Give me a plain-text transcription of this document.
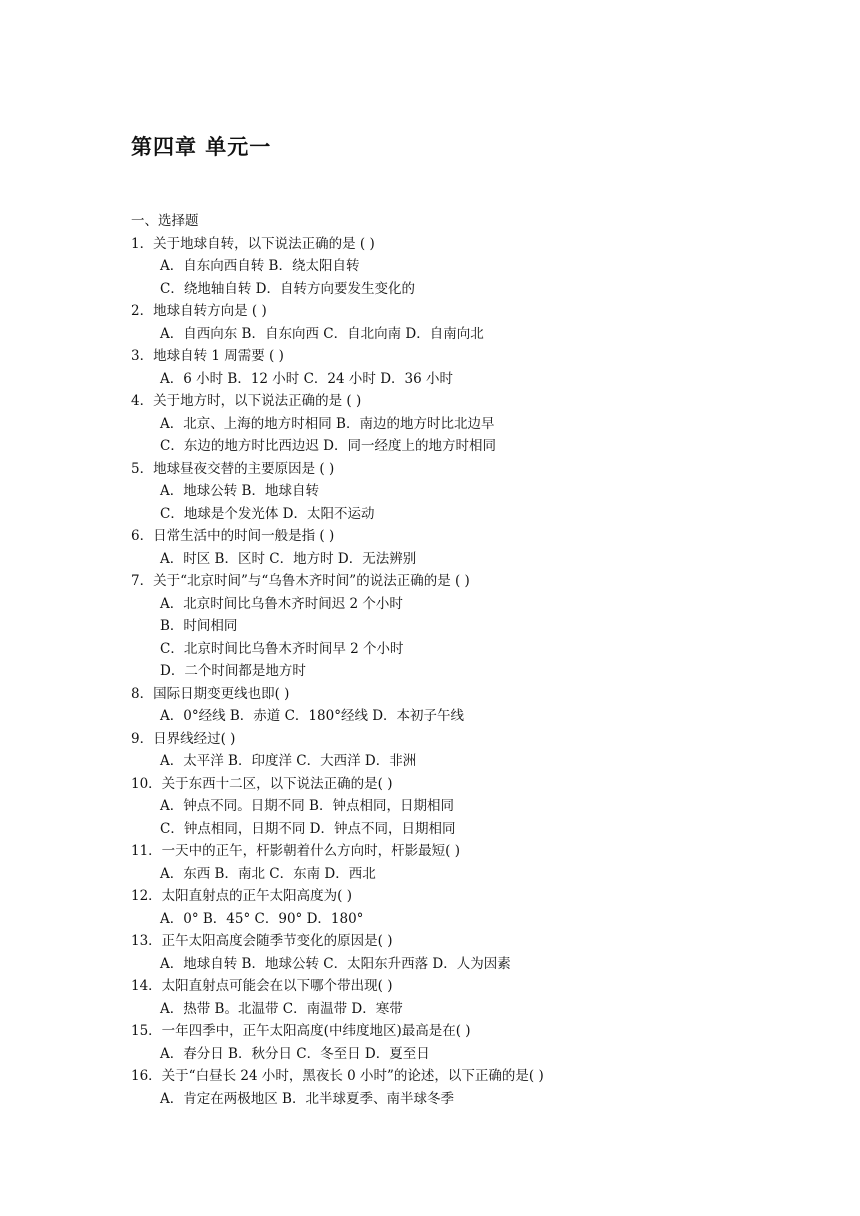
第四章 单元一
一、选择题
1．关于地球自转，以下说法正确的是 ( )
A．自东向西自转 B．绕太阳自转
C．绕地轴自转 D．自转方向要发生变化的
2．地球自转方向是 ( )
A．自西向东 B．自东向西 C．自北向南 D．自南向北
3．地球自转 1 周需要 ( )
A．6 小时 B．12 小时 C．24 小时 D．36 小时
4．关于地方时，以下说法正确的是 ( )
A．北京、上海的地方时相同 B．南边的地方时比北边早
C．东边的地方时比西边迟 D．同一经度上的地方时相同
5．地球昼夜交替的主要原因是 ( )
A．地球公转 B．地球自转
C．地球是个发光体 D．太阳不运动
6．日常生活中的时间一般是指 ( )
A．时区 B．区时 C．地方时 D．无法辨别
7．关于“北京时间”与“乌鲁木齐时间”的说法正确的是 ( )
A．北京时间比乌鲁木齐时间迟 2 个小时
B．时间相同
C．北京时间比乌鲁木齐时间早 2 个小时
D．二个时间都是地方时
8．国际日期变更线也即( )
A．0°经线 B．赤道 C．180°经线 D．本初子午线
9．日界线经过( )
A．太平洋 B．印度洋 C．大西洋 D．非洲
10．关于东西十二区，以下说法正确的是( )
A．钟点不同。日期不同 B．钟点相同，日期相同
C．钟点相同，日期不同 D．钟点不同，日期相同
11．一天中的正午，杆影朝着什么方向时，杆影最短( )
A．东西 B．南北 C．东南 D．西北
12．太阳直射点的正午太阳高度为( )
A．0° B．45° C．90° D．180°
13．正午太阳高度会随季节变化的原因是( )
A．地球自转 B．地球公转 C．太阳东升西落 D．人为因素
14．太阳直射点可能会在以下哪个带出现( )
A．热带 B。北温带 C．南温带 D．寒带
15．一年四季中，正午太阳高度(中纬度地区)最高是在( )
A．春分日 B．秋分日 C．冬至日 D．夏至日
16．关于“白昼长 24 小时，黑夜长 0 小时”的论述，以下正确的是( )
A．肯定在两极地区 B．北半球夏季、南半球冬季
